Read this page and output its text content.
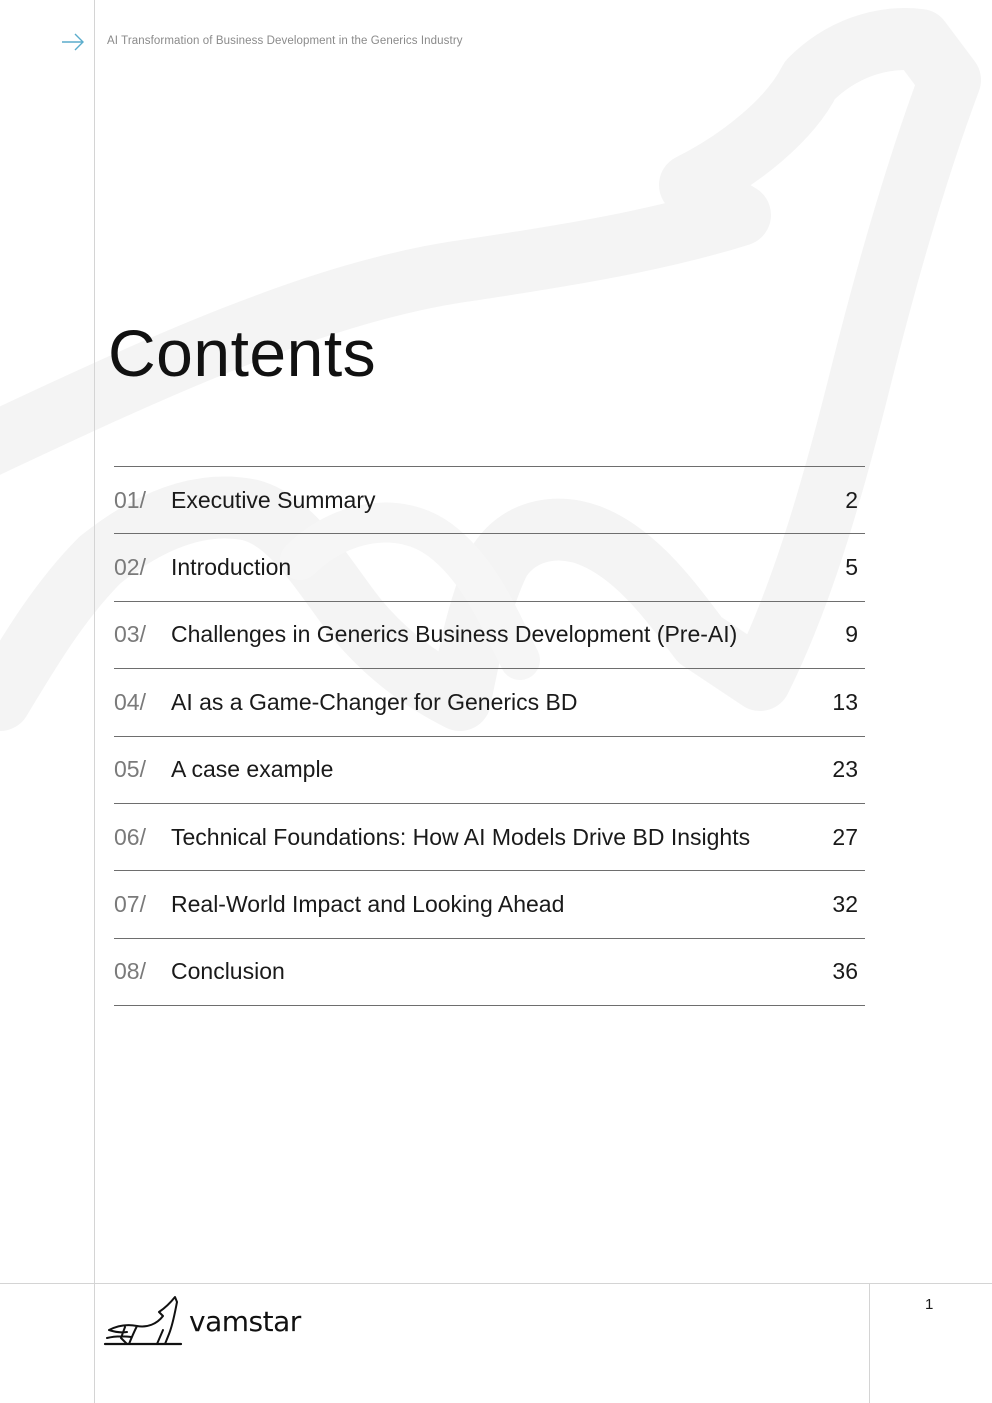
AI Transformation of Business Development in the Generics Industry
Contents
01/	Executive Summary	2
02/	Introduction	5
03/	Challenges in Generics Business Development (Pre-AI)	9
04/	AI as a Game-Changer for Generics BD	13
05/	A case example	23
06/	Technical Foundations: How AI Models Drive BD Insights	27
07/	Real-World Impact and Looking Ahead	32
08/	Conclusion	36
vamstar	1
